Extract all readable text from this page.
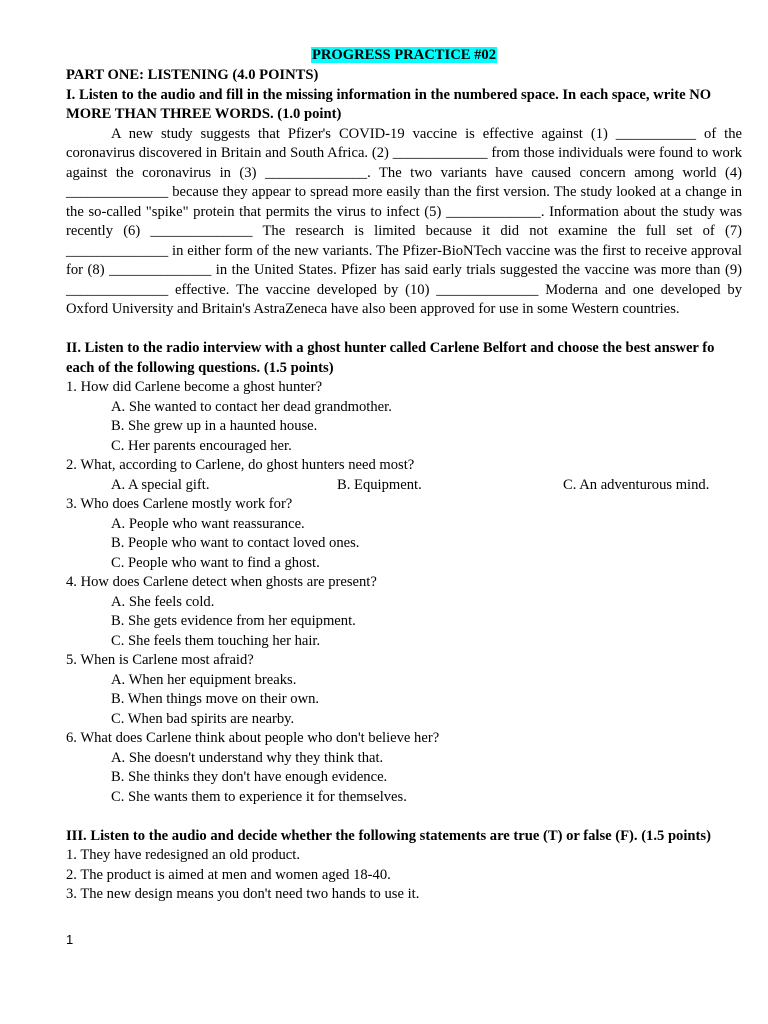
PROGRESS PRACTICE #02
PART ONE: LISTENING (4.0 POINTS)
I. Listen to the audio and fill in the missing information in the numbered space. In each space, write NO MORE THAN THREE WORDS. (1.0 point)

A new study suggests that Pfizer's COVID-19 vaccine is effective against (1) ___________ of the coronavirus discovered in Britain and South Africa. (2) _____________ from those individuals were found to work against the coronavirus in (3) ______________. The two variants have caused concern among world (4) ______________ because they appear to spread more easily than the first version. The study looked at a change in the so-called "spike" protein that permits the virus to infect (5) _____________. Information about the study was recently (6) ______________ The research is limited because it did not examine the full set of (7) ______________ in either form of the new variants. The Pfizer-BioNTech vaccine was the first to receive approval for (8) ______________ in the United States. Pfizer has said early trials suggested the vaccine was more than (9) ______________ effective. The vaccine developed by (10) ______________ Moderna and one developed by Oxford University and Britain's AstraZeneca have also been approved for use in some Western countries.

II. Listen to the radio interview with a ghost hunter called Carlene Belfort and choose the best answer fo each of the following questions. (1.5 points)
1. How did Carlene become a ghost hunter?
A. She wanted to contact her dead grandmother.
B. She grew up in a haunted house.
C. Her parents encouraged her.
2. What, according to Carlene, do ghost hunters need most?
A. A special gift.	B. Equipment.	C. An adventurous mind.
3. Who does Carlene mostly work for?
A. People who want reassurance.
B. People who want to contact loved ones.
C. People who want to find a ghost.
4. How does Carlene detect when ghosts are present?
A. She feels cold.
B. She gets evidence from her equipment.
C. She feels them touching her hair.
5. When is Carlene most afraid?
A. When her equipment breaks.
B. When things move on their own.
C. When bad spirits are nearby.
6. What does Carlene think about people who don't believe her?
A. She doesn't understand why they think that.
B. She thinks they don't have enough evidence.
C. She wants them to experience it for themselves.
III. Listen to the audio and decide whether the following statements are true (T) or false (F). (1.5 points)
1. They have redesigned an old product.
2. The product is aimed at men and women aged 18-40.
3. The new design means you don't need two hands to use it.
1
